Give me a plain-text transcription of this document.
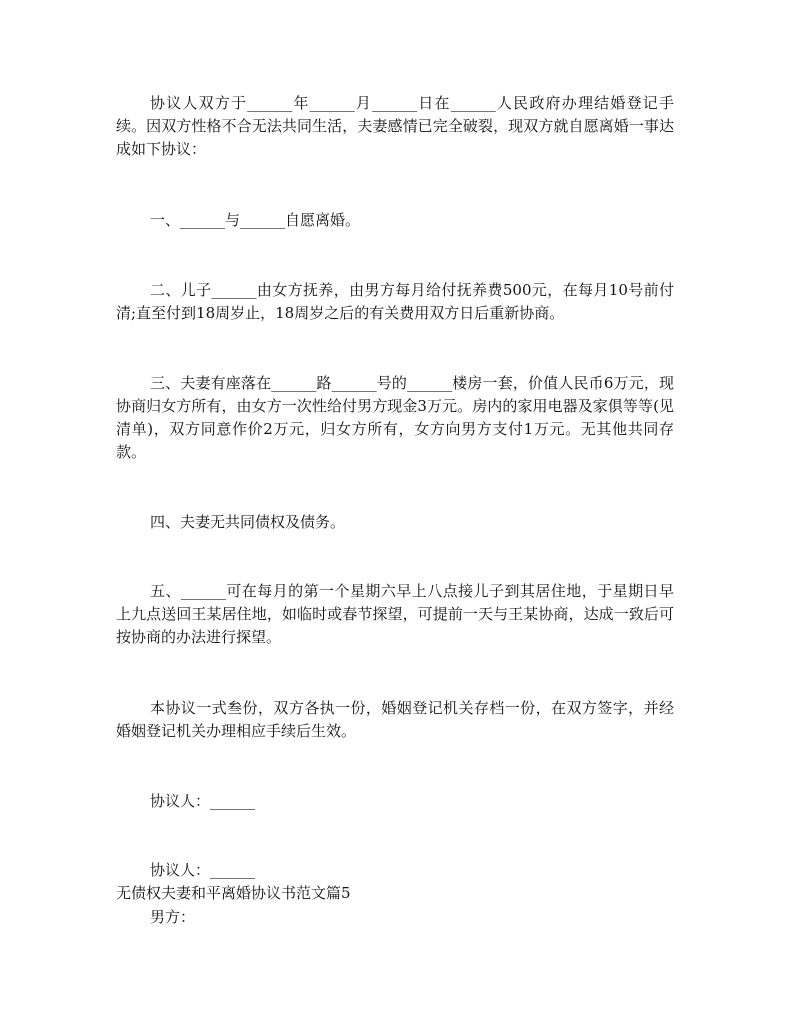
协议人双方于______年______月______日在______人民政府办理结婚登记手续。因双方性格不合无法共同生活，夫妻感情已完全破裂，现双方就自愿离婚一事达成如下协议：

一、______与______自愿离婚。

二、儿子______由女方抚养，由男方每月给付抚养费500元，在每月10号前付清;直至付到18周岁止，18周岁之后的有关费用双方日后重新协商。

三、夫妻有座落在______路______号的______楼房一套，价值人民币6万元，现协商归女方所有，由女方一次性给付男方现金3万元。房内的家用电器及家俱等等(见清单)，双方同意作价2万元，归女方所有，女方向男方支付1万元。无其他共同存款。

四、夫妻无共同债权及债务。

五、______可在每月的第一个星期六早上八点接儿子到其居住地，于星期日早上九点送回王某居住地，如临时或春节探望，可提前一天与王某协商，达成一致后可按协商的办法进行探望。

本协议一式叁份，双方各执一份，婚姻登记机关存档一份，在双方签字，并经婚姻登记机关办理相应手续后生效。

协议人：______

协议人：______

无债权夫妻和平离婚协议书范文篇5

男方：
